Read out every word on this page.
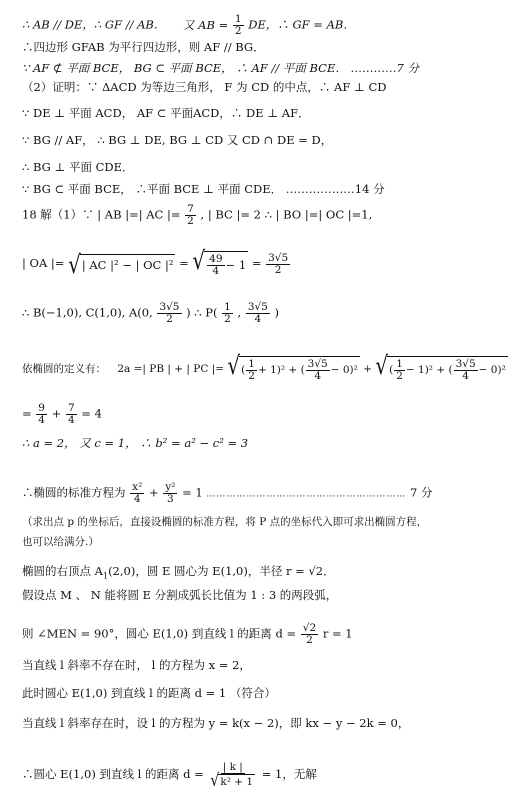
∴ AB // DE，∴ GF // AB． 又 AB = $\frac{1}{2}$ DE，∴ GF = AB．
∴四边形 GFAB 为平行四边形，则 AF // BG．
∵ AF ⊄ 平面 BCE， BG ⊂ 平面 BCE， ∴ AF // 平面 BCE． …………7 分
（2）证明：∵ ΔACD 为等边三角形， F 为 CD 的中点，∴ AF ⊥ CD
∵ DE ⊥ 平面 ACD， AF ⊂ 平面ACD，∴ DE ⊥ AF．
∵ BG // AF， ∴ BG ⊥ DE, BG ⊥ CD 又 CD ∩ DE = D，
∴ BG ⊥ 平面 CDE．
∵ BG ⊂ 平面 BCE， ∴平面 BCE ⊥ 平面 CDE． ………………14 分
18 解（1）∵ | AB |=| AC |= $\frac{7}{2}$ , | BC |= 2 ∴ | BO |=| OC |=1,
| OA |= √ | AC |² − | OC |² = √ $\frac{49}{4} - 1 = \frac{3√5}{2}$
∴ B(−1,0), C(1,0), A(0, $\frac{3√5}{2}$ ) ∴ $P( \frac{1}{2}$ , $\frac{3√5}{4}$ )
依椭圆的定义有： 2a =| PB | + | PC |= √ ( $\frac{1}{2} + 1)^2$ + ( $\frac{3√5}{4} - 0)^2$ + √ ( $\frac{1}{2} - 1)^2$ + ( $\frac{3√5}{4} - 0)^2$
= $\frac{9}{4} + \frac{7}{4} = 4$
∴ a = 2， 又 c = 1， ∴ b² = a² − c² = 3
∴椭圆的标准方程为 $\frac{\text{x²}}{4} + \frac{\text{y²}}{3} = 1$ …………………………………………………… 7 分
（求出点 p 的坐标后，直接设椭圆的标准方程，将 P 点的坐标代入即可求出椭圆方程，
也可以给满分.）
椭圆的右顶点 $A_1(2,0)$，圆 E 圆心为 E(1,0)，半径 r = √2．
假设点 M 、 N 能将圆 E 分割成弧长比值为 1 : 3 的两段弧，
则 ∠MEN = 90°，圆心 E(1,0) 到直线 l 的距离 $d = \frac{√2}{2}$ r = 1
当直线 l 斜率不存在时， l 的方程为 x = 2，
此时圆心 E(1,0) 到直线 l 的距离 d = 1 （符合）
当直线 l 斜率存在时，设 l 的方程为 y = k(x − 2)，即 kx − y − 2k = 0，
∴圆心 E(1,0) 到直线 l 的距离 $d = \frac{| k |}{\text{√ k² + 1}} = 1$，无解
